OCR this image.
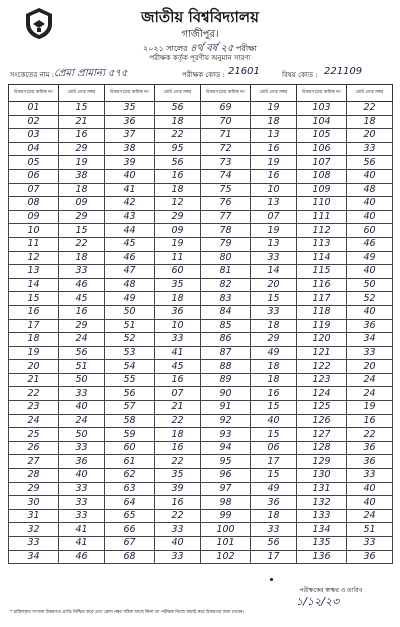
জাতীয় বিশ্ববিদ্যালয়
গাজীপুর।
২০২১ সালের ৪র্থ বর্ষ ২৫ পরীক্ষা
পরীক্ষক কর্তৃক পূরণীয় অনুমান সারণ্য
সংকেতের নাম : প্রেমা প্রামান্য ৫৭৫	পরীক্ষক কোড : 21601	বিষয় কোড : 221109
উত্তরপত্রের ক্রমিক নং	মোট প্রাপ্ত নম্বর	উত্তরপত্রের ক্রমিক নং	মোট প্রাপ্ত নম্বর	উত্তরপত্রের ক্রমিক নং	মোট প্রাপ্ত নম্বর	উত্তরপত্রের ক্রমিক নং	মোট প্রাপ্ত নম্বর
01	15	35	56	69	19	103	22
02	21	36	18	70	18	104	18
03	16	37	22	71	13	105	20
04	29	38	95	72	16	106	33
05	19	39	56	73	19	107	56
06	38	40	16	74	16	108	40
07	18	41	18	75	10	109	48
08	09	42	12	76	13	110	40
09	29	43	29	77	07	111	40
10	15	44	09	78	19	112	60
11	22	45	19	79	13	113	46
12	18	46	11	80	33	114	49
13	33	47	60	81	14	115	40
14	46	48	35	82	20	116	50
15	45	49	18	83	15	117	52
16	16	50	36	84	33	118	40
17	29	51	10	85	18	119	36
18	24	52	33	86	29	120	34
19	56	53	41	87	49	121	33
20	51	54	45	88	18	122	20
21	50	55	16	89	18	123	24
22	33	56	07	90	16	124	24
23	40	57	21	91	15	125	19
24	24	58	22	92	40	126	16
25	50	59	18	93	15	127	22
26	33	60	16	94	06	128	36
27	36	61	22	95	17	129	36
28	40	62	35	96	15	130	33
29	33	63	39	97	49	131	40
30	33	64	16	98	36	132	40
31	33	65	22	99	18	133	24
32	41	66	33	100	33	134	51
33	41	67	40	101	56	135	33
34	46	68	33	102	17	136	36
পরীক্ষকের স্বাক্ষর ও তারিখ
১/১২/২৩
* চাহিদাকৃত সংখ্যক উত্তরপত্র প্রাপ্তি নিশ্চিত করে এবং রোল নম্বর সঠিক আছে কিনা তা পরীক্ষক নিজে যাচাই করে উত্তরপত্র জমা দেবেন।
